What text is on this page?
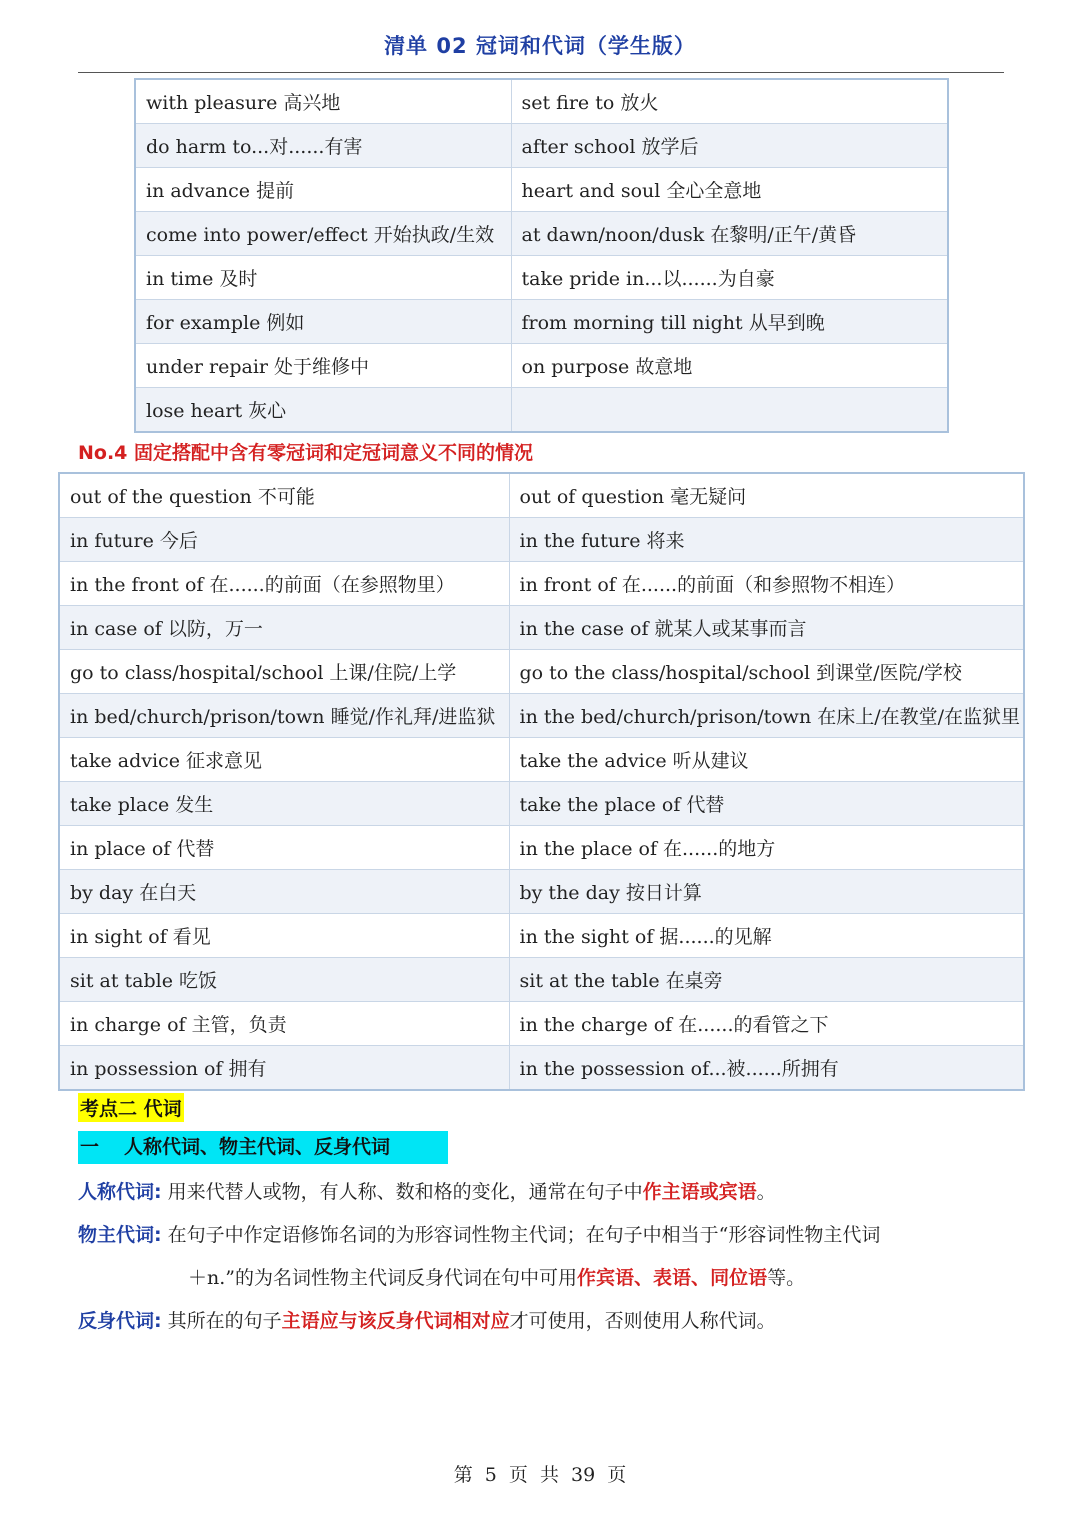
清单 02 冠词和代词（学生版）
with pleasure 高兴地	set fire to 放火
do harm to...对......有害	after school 放学后
in advance 提前	heart and soul 全心全意地
come into power/effect 开始执政/生效	at dawn/noon/dusk 在黎明/正午/黄昏
in time 及时	take pride in...以......为自豪
for example 例如	from morning till night 从早到晚
under repair 处于维修中	on purpose 故意地
lose heart 灰心	
No.4 固定搭配中含有零冠词和定冠词意义不同的情况
out of the question 不可能	out of question 毫无疑问
in future 今后	in the future 将来
in the front of 在......的前面（在参照物里）	in front of 在......的前面（和参照物不相连）
in case of 以防，万一	in the case of 就某人或某事而言
go to class/hospital/school 上课/住院/上学	go to the class/hospital/school 到课堂/医院/学校
in bed/church/prison/town 睡觉/作礼拜/进监狱	in the bed/church/prison/town 在床上/在教堂/在监狱里
take advice 征求意见	take the advice 听从建议
take place 发生	take the place of 代替
in place of 代替	in the place of 在......的地方
by day 在白天	by the day 按日计算
in sight of 看见	in the sight of 据......的见解
sit at table 吃饭	sit at the table 在桌旁
in charge of 主管，负责	in the charge of 在......的看管之下
in possession of 拥有	in the possession of...被......所拥有
考点二 代词
一 人称代词、物主代词、反身代词
人称代词: 用来代替人或物，有人称、数和格的变化，通常在句子中作主语或宾语。
物主代词: 在句子中作定语修饰名词的为形容词性物主代词；在句子中相当于“形容词性物主代词
＋n.”的为名词性物主代词反身代词在句中可用作宾语、表语、同位语等。
反身代词: 其所在的句子主语应与该反身代词相对应才可使用，否则使用人称代词。
第 5 页 共 39 页
